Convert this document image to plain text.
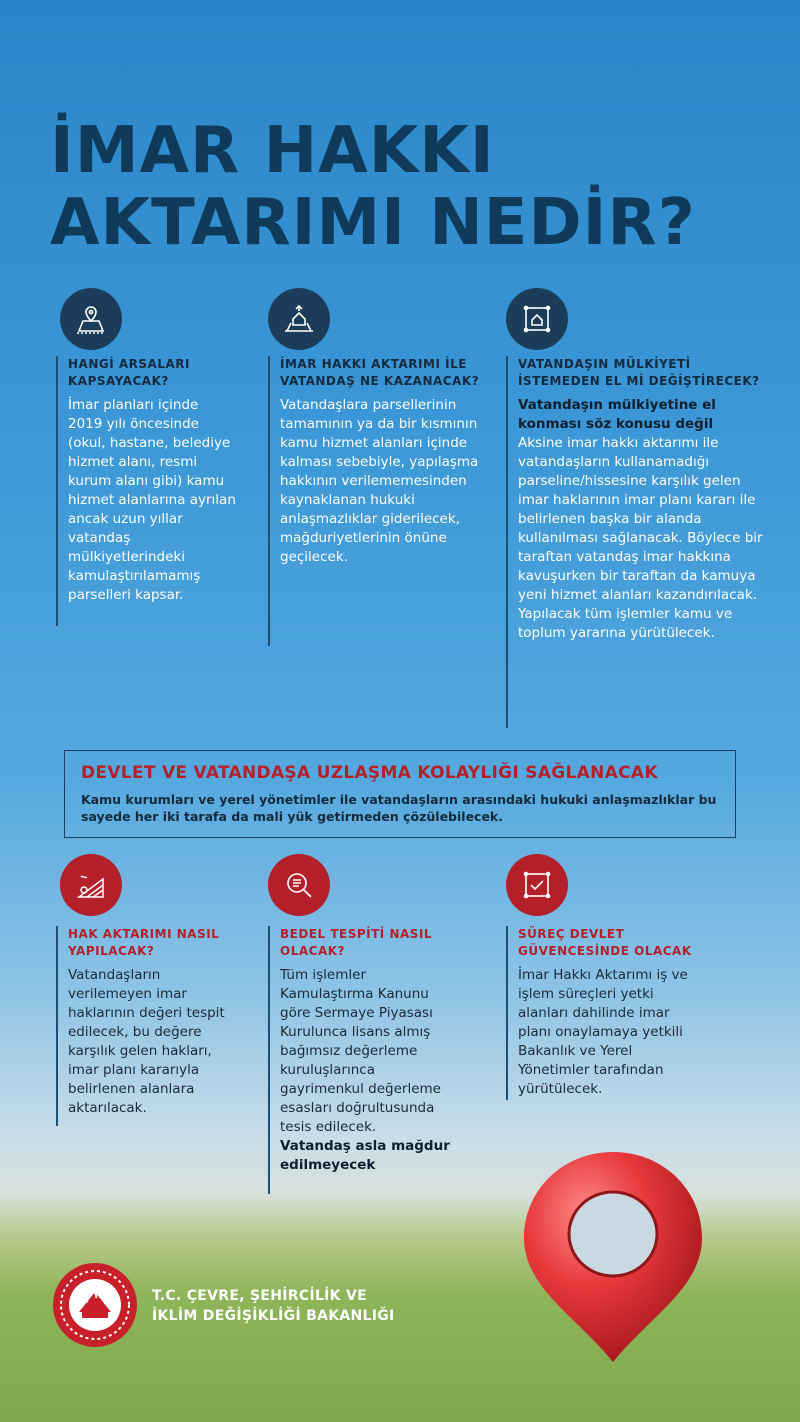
İMAR HAKKI
AKTARIMI NEDİR?
HANGİ ARSALARI KAPSAYACAK?
İmar planları içinde 2019 yılı öncesinde (okul, hastane, belediye hizmet alanı, resmi kurum alanı gibi) kamu hizmet alanlarına ayrılan ancak uzun yıllar vatandaş mülkiyetlerindeki kamulaştırılamamış parselleri kapsar.
İMAR HAKKI AKTARIMI İLE VATANDAŞ NE KAZANACAK?
Vatandaşlara parsellerinin tamamının ya da bir kısmının kamu hizmet alanları içinde kalması sebebiyle, yapılaşma hakkının verilememesinden kaynaklanan hukuki anlaşmazlıklar giderilecek, mağduriyetlerinin önüne geçilecek.
VATANDAŞIN MÜLKİYETİ İSTEMEDEN EL Mİ DEĞİŞTİRECEK?
Vatandaşın mülkiyetine el konması söz konusu değil
Aksine imar hakkı aktarımı ile vatandaşların kullanamadığı parseline/hissesine karşılık gelen imar haklarının imar planı kararı ile belirlenen başka bir alanda kullanılması sağlanacak. Böylece bir taraftan vatandaş imar hakkına kavuşurken bir taraftan da kamuya yeni hizmet alanları kazandırılacak. Yapılacak tüm işlemler kamu ve toplum yararına yürütülecek.
DEVLET VE VATANDAŞA UZLAŞMA KOLAYLIĞI SAĞLANACAK
Kamu kurumları ve yerel yönetimler ile vatandaşların arasındaki hukuki anlaşmazlıklar bu sayede her iki tarafa da mali yük getirmeden çözülebilecek.
HAK AKTARIMI NASIL YAPILACAK?
Vatandaşların verilemeyen imar haklarının değeri tespit edilecek, bu değere karşılık gelen hakları, imar planı kararıyla belirlenen alanlara aktarılacak.
BEDEL TESPİTİ NASIL OLACAK?
Tüm işlemler Kamulaştırma Kanunu göre Sermaye Piyasası Kurulunca lisans almış bağımsız değerleme kuruluşlarınca gayrimenkul değerleme esasları doğrultusunda tesis edilecek.
Vatandaş asla mağdur edilmeyecek
SÜREÇ DEVLET GÜVENCESİNDE OLACAK
İmar Hakkı Aktarımı iş ve işlem süreçleri yetki alanları dahilinde imar planı onaylamaya yetkili Bakanlık ve Yerel Yönetimler tarafından yürütülecek.
T.C. ÇEVRE, ŞEHİRCİLİK VE
İKLİM DEĞİŞİKLİĞİ BAKANLIĞI
